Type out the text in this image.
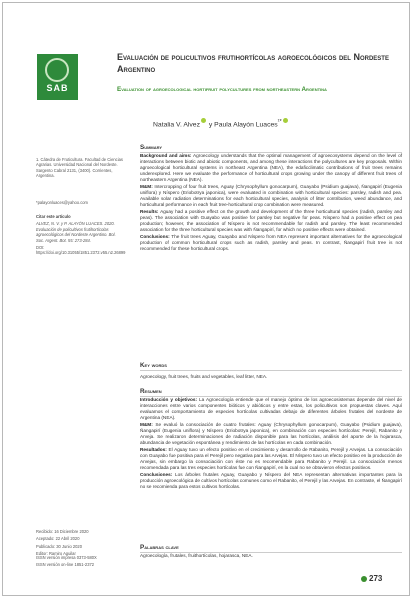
SAB
Evaluación de policultivos frutihortícolas agroecológicos del Nordeste Argentino
Evaluation of agroecological hortifruit polycultures from northeastern Argentina
Natalia V. Alvez y Paula Alayón Luaces$^{^1*}$

1. Cátedra de Fruticultura. Facultad de Ciencias Agrarias. Universidad Nacional del Nordeste. Sargento Cabral 2131, (3400). Corrientes, Argentina.

*palayonluaces@yahoo.com

Citar este artículo

ALVEZ, N. V. y P. ALAYÓN LUACES. 2020. Evaluación de policultivos frutihortícolas agroecológicos del Nordeste Argentino. Bol. Soc. Argent. Bot. 55: 273-284.

DOI: https://doi.org/10.31055/1851.2372.v55.n2.26899

Recibido: 16 Diciembre 2020

Aceptado: 22 Abril 2020

Publicado: 30 Junio 2020

Editor: Ramiro Aguilar

ISSN versión impresa 0373-580X

ISSN versión on-line 1851-2372

Summary

Background and aims: Agroecology understands that the optimal management of agroecosystems depend on the level of interactions between biotic and abiotic components, and among these interactions the polycultures are key proposals. Within agroecological horticultural systems in northeast Argentina (NEA), the edaficclimatic contributions of fruit trees remains underexplored. Here we evaluate the performance of horticultural crops growing under the canopy of different fruit trees of northeastern Argentina (NEA).

M&M: Intercropping of four fruit trees, Aguay (Chrysophyllum gonocarpum), Guayabo (Psidium guajava), Ñangapirí (Eugenia uniflora) y Níspero (Eriobotrya japonica), were evaluated in combination with horticultural species: parsley, radish and pea. Available solar radiation determinations for each horticultural species, analysis of litter contribution, weed abundance, and horticultural performance in each fruit tree-horticultural crop combination were measured.

Results: Aguay had a positive effect on the growth and development of the three horticultural species (radish, parsley and peas). The association with Guayabo was positive for parsley but negative for peas. Níspero had a positive effect on pea production; however, the association of Níspero is not recommendable for radish and parsley. The least recommended association for the three horticultural species was with Ñangapirí, for which no positive effects were obtained.

Conclusions: The fruit trees Aguay, Guayabo and Níspero from NEA represent important alternatives for the agroecological production of common horticultural crops such as radish, parsley and peas. In contrast, Ñangapirí fruit tree is not recommended for these horticultural crops.

Key words
Agroecology, fruit trees, fruits and vegetables, leaf litter, NEA.
Resumen

Introducción y objetivos: La Agroecología entiende que el manejo óptimo de los agroecosistemas depende del nivel de interacciones entre varios componentes bióticos y abióticos y entre estas, los policultivos son propuestas claves. Aquí evaluamos el comportamiento de especies hortícolas cultivadas debajo de diferentes árboles frutales del nordeste de Argentina (NEA).

M&M: Se evaluó la consociación de cuatro frutales: Aguay (Chrysophyllum gonocarpum), Guayabo (Psidium guajava), Ñangapirí (Eugenia uniflora) y Níspero (Eriobotrya japonica), en combinación con especies hortícolas: Perejil, Rabanito y Arveja. Se realizaron determinaciones de radiación disponible para las hortícolas, análisis del aporte de la hojarasca, abundancia de vegetación espontánea y rendimiento de las hortícolas en cada combinación.

Resultados: El Aguay tuvo un efecto positivo en el crecimiento y desarrollo de Rabanito, Perejil y Arvejas. La consociación con Guayabo fue positiva para el Perejil pero negativa para las Arvejas. El Níspero tuvo un efecto positivo en la producción de Arvejas, sin embargo la consociación con éste no es recomendable para Rabanito y Perejil. La consociación menos recomendada para las tres especies hortícolas fue con Ñangapirí, en la cual no se obtuvieron efectos positivos.

Conclusiones: Los árboles frutales Aguay, Guayabo y Níspero del NEA representan alternativas importantes para la producción agroecológica de cultivos hortícolas comunes como el Rabanito, el Perejil y las Arvejas. En contraste, el Ñangapirí no se recomienda para estos cultivos hortícolas.

Palabras clave
Agroecología, frutales, fruithortícolas, hojarasca, NEA.
273
